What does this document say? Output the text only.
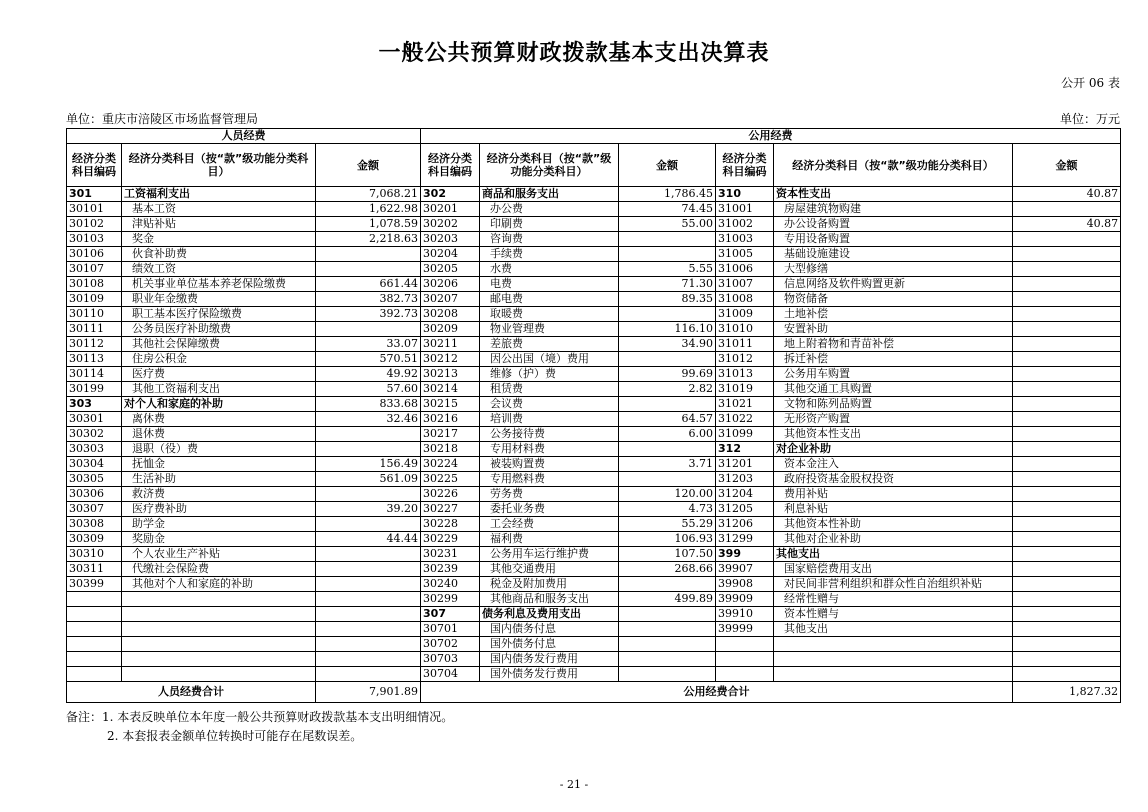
一般公共预算财政拨款基本支出决算表
公开 06 表
单位：重庆市涪陵区市场监督管理局	单位：万元
人员经费			公用经费					
经济分类科目编码	经济分类科目（按“款”级功能分类科目）	金额	经济分类科目编码	经济分类科目（按“款”级功能分类科目）	金额	经济分类科目编码	经济分类科目（按“款”级功能分类科目）	金额
301	工资福利支出	7,068.21	302	商品和服务支出	1,786.45	310	资本性支出	40.87
30101	基本工资	1,622.98	30201	办公费	74.45	31001	房屋建筑物购建	
30102	津贴补贴	1,078.59	30202	印刷费	55.00	31002	办公设备购置	40.87
30103	奖金	2,218.63	30203	咨询费		31003	专用设备购置	
30106	伙食补助费		30204	手续费		31005	基础设施建设	
30107	绩效工资		30205	水费	5.55	31006	大型修缮	
30108	机关事业单位基本养老保险缴费	661.44	30206	电费	71.30	31007	信息网络及软件购置更新	
30109	职业年金缴费	382.73	30207	邮电费	89.35	31008	物资储备	
30110	职工基本医疗保险缴费	392.73	30208	取暖费		31009	土地补偿	
30111	公务员医疗补助缴费		30209	物业管理费	116.10	31010	安置补助	
30112	其他社会保障缴费	33.07	30211	差旅费	34.90	31011	地上附着物和青苗补偿	
30113	住房公积金	570.51	30212	因公出国（境）费用		31012	拆迁补偿	
30114	医疗费	49.92	30213	维修（护）费	99.69	31013	公务用车购置	
30199	其他工资福利支出	57.60	30214	租赁费	2.82	31019	其他交通工具购置	
303	对个人和家庭的补助	833.68	30215	会议费		31021	文物和陈列品购置	
30301	离休费	32.46	30216	培训费	64.57	31022	无形资产购置	
30302	退休费		30217	公务接待费	6.00	31099	其他资本性支出	
30303	退职（役）费		30218	专用材料费		312	对企业补助	
30304	抚恤金	156.49	30224	被装购置费	3.71	31201	资本金注入	
30305	生活补助	561.09	30225	专用燃料费		31203	政府投资基金股权投资	
30306	救济费		30226	劳务费	120.00	31204	费用补贴	
30307	医疗费补助	39.20	30227	委托业务费	4.73	31205	利息补贴	
30308	助学金		30228	工会经费	55.29	31206	其他资本性补助	
30309	奖励金	44.44	30229	福利费	106.93	31299	其他对企业补助	
30310	个人农业生产补贴		30231	公务用车运行维护费	107.50	399	其他支出	
30311	代缴社会保险费		30239	其他交通费用	268.66	39907	国家赔偿费用支出	
30399	其他对个人和家庭的补助		30240	税金及附加费用		39908	对民间非营利组织和群众性自治组织补贴	
			30299	其他商品和服务支出	499.89	39909	经常性赠与	
			307	债务利息及费用支出		39910	资本性赠与	
			30701	国内债务付息		39999	其他支出	
			30702	国外债务付息				
			30703	国内债务发行费用				
			30704	国外债务发行费用				
人员经费合计		7,901.89	公用经费合计					1,827.32
备注：1. 本表反映单位本年度一般公共预算财政拨款基本支出明细情况。
2. 本套报表金额单位转换时可能存在尾数误差。
- 21 -
